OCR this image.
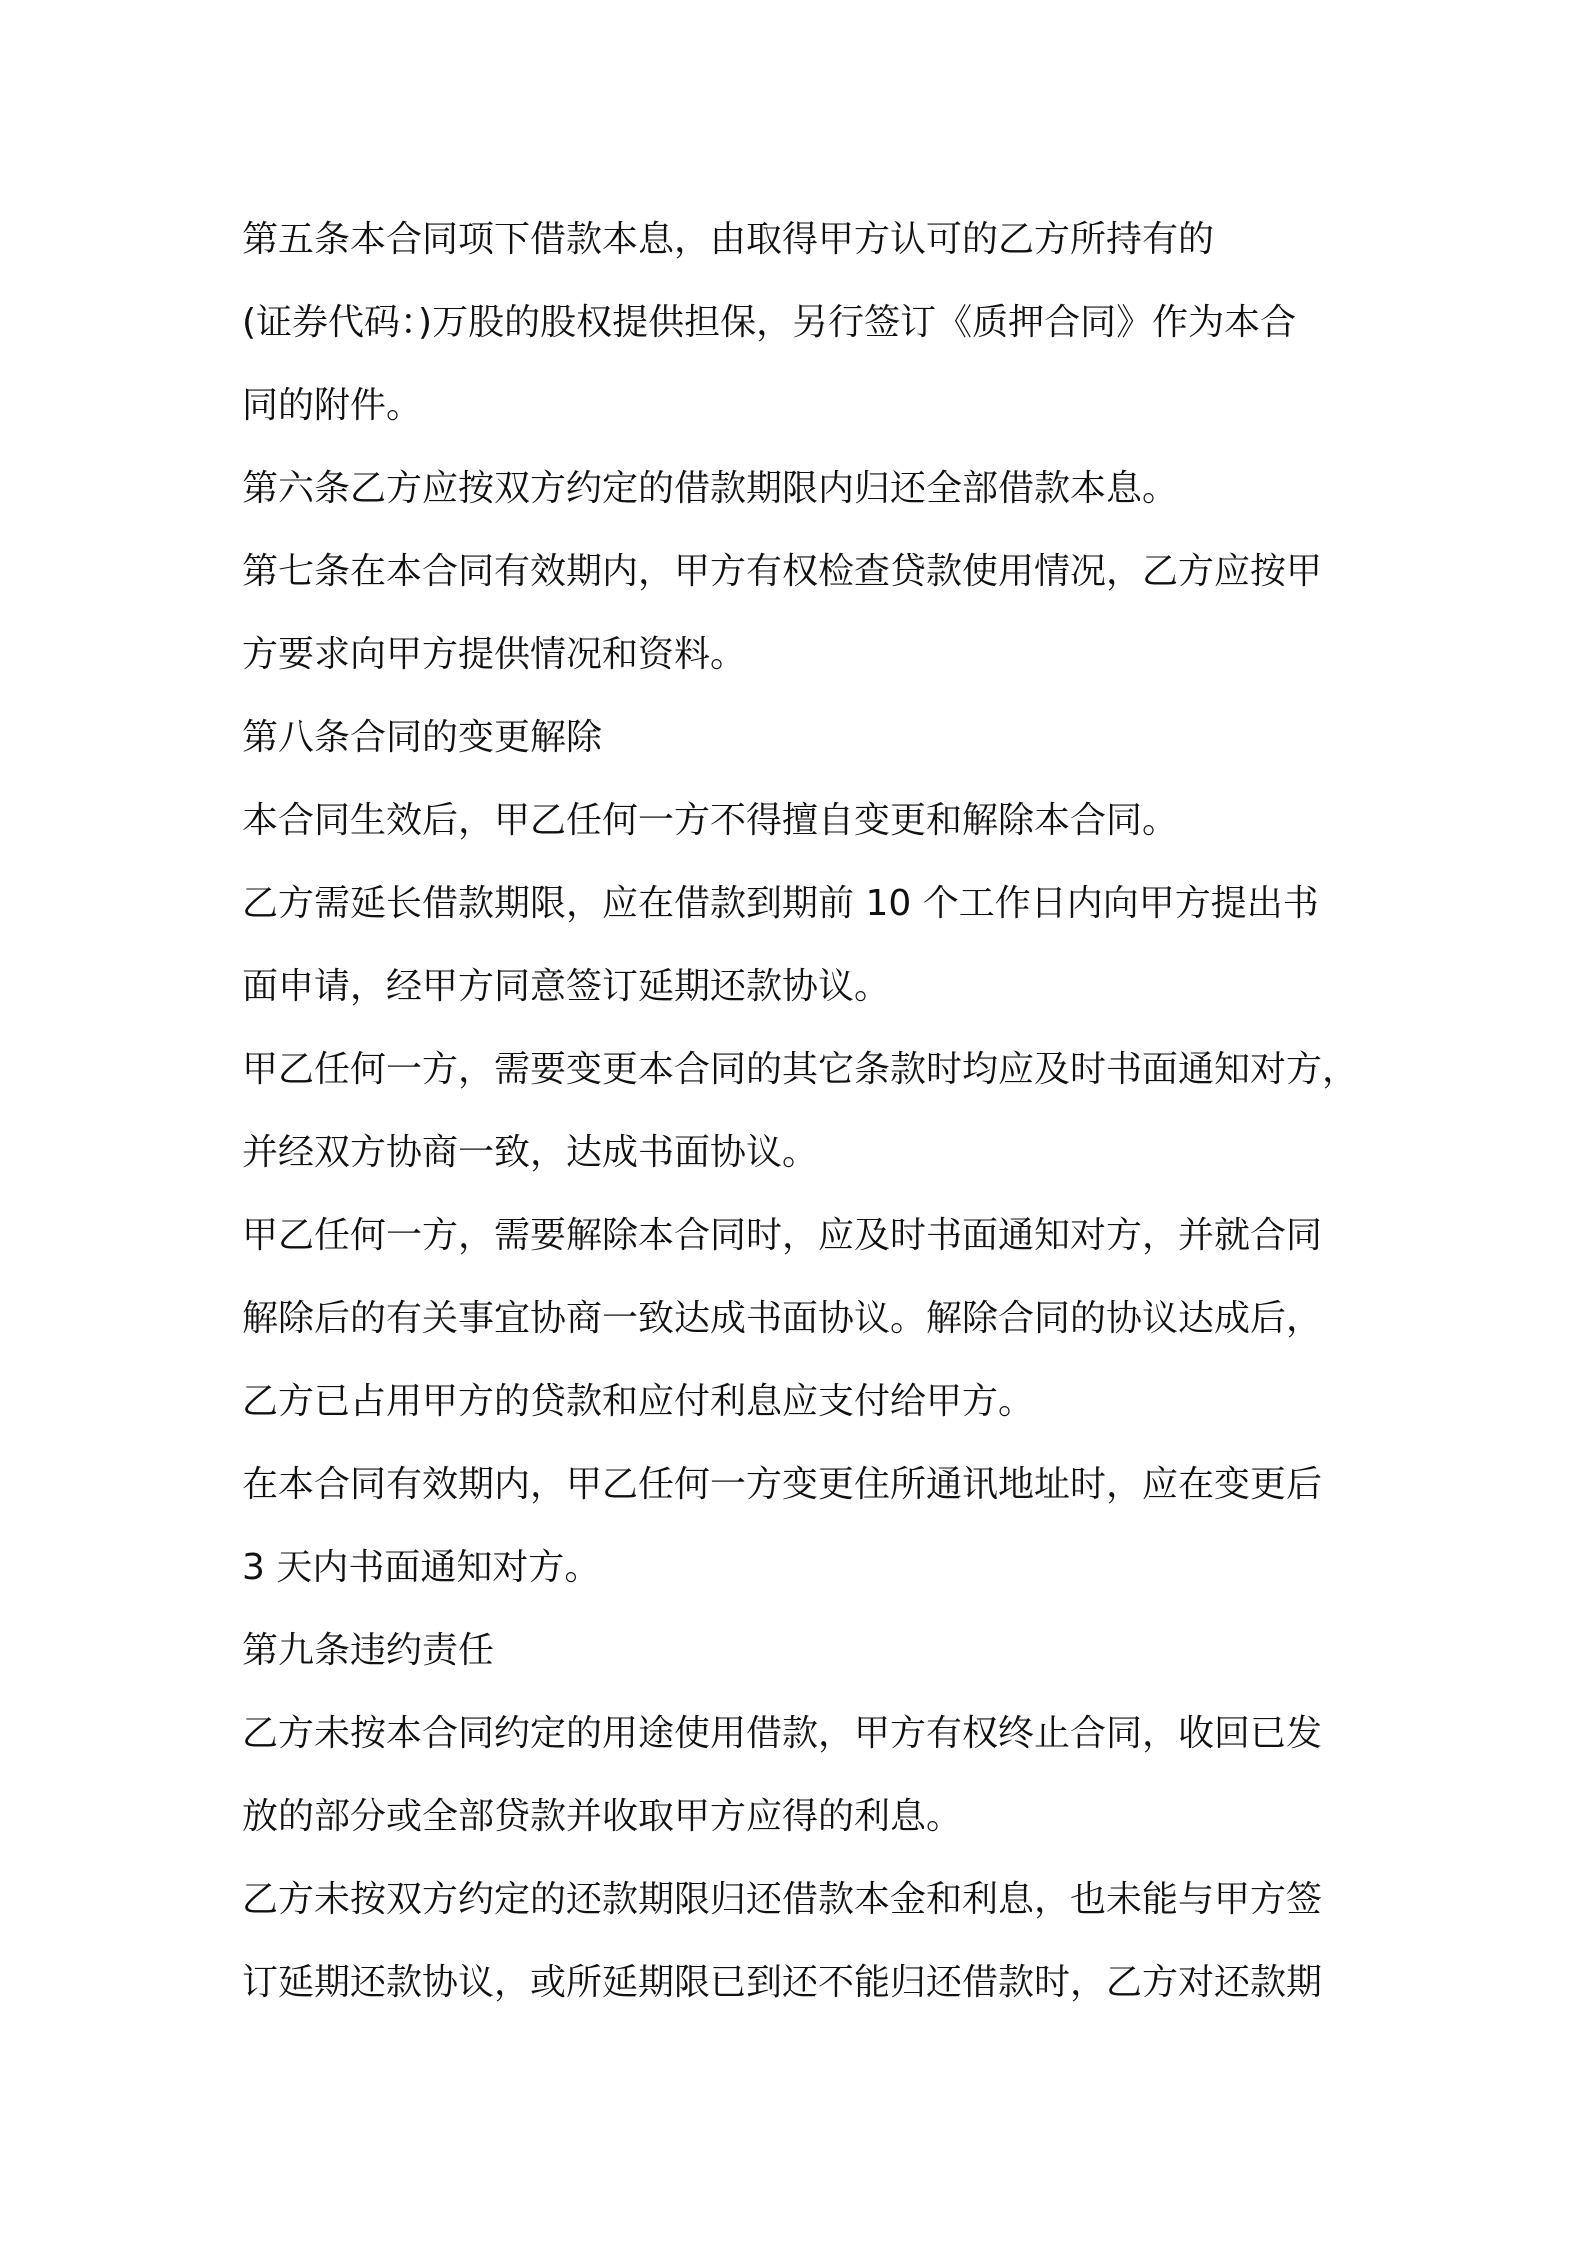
第五条本合同项下借款本息，由取得甲方认可的乙方所持有的
(证券代码：)万股的股权提供担保，另行签订《质押合同》作为本合
同的附件。
第六条乙方应按双方约定的借款期限内归还全部借款本息。
第七条在本合同有效期内，甲方有权检查贷款使用情况，乙方应按甲
方要求向甲方提供情况和资料。
第八条合同的变更解除
本合同生效后，甲乙任何一方不得擅自变更和解除本合同。
乙方需延长借款期限，应在借款到期前 10 个工作日内向甲方提出书
面申请，经甲方同意签订延期还款协议。
甲乙任何一方，需要变更本合同的其它条款时均应及时书面通知对方，
并经双方协商一致，达成书面协议。
甲乙任何一方，需要解除本合同时，应及时书面通知对方，并就合同
解除后的有关事宜协商一致达成书面协议。解除合同的协议达成后，
乙方已占用甲方的贷款和应付利息应支付给甲方。
在本合同有效期内，甲乙任何一方变更住所通讯地址时，应在变更后
3 天内书面通知对方。
第九条违约责任
乙方未按本合同约定的用途使用借款，甲方有权终止合同，收回已发
放的部分或全部贷款并收取甲方应得的利息。
乙方未按双方约定的还款期限归还借款本金和利息，也未能与甲方签
订延期还款协议，或所延期限已到还不能归还借款时，乙方对还款期
